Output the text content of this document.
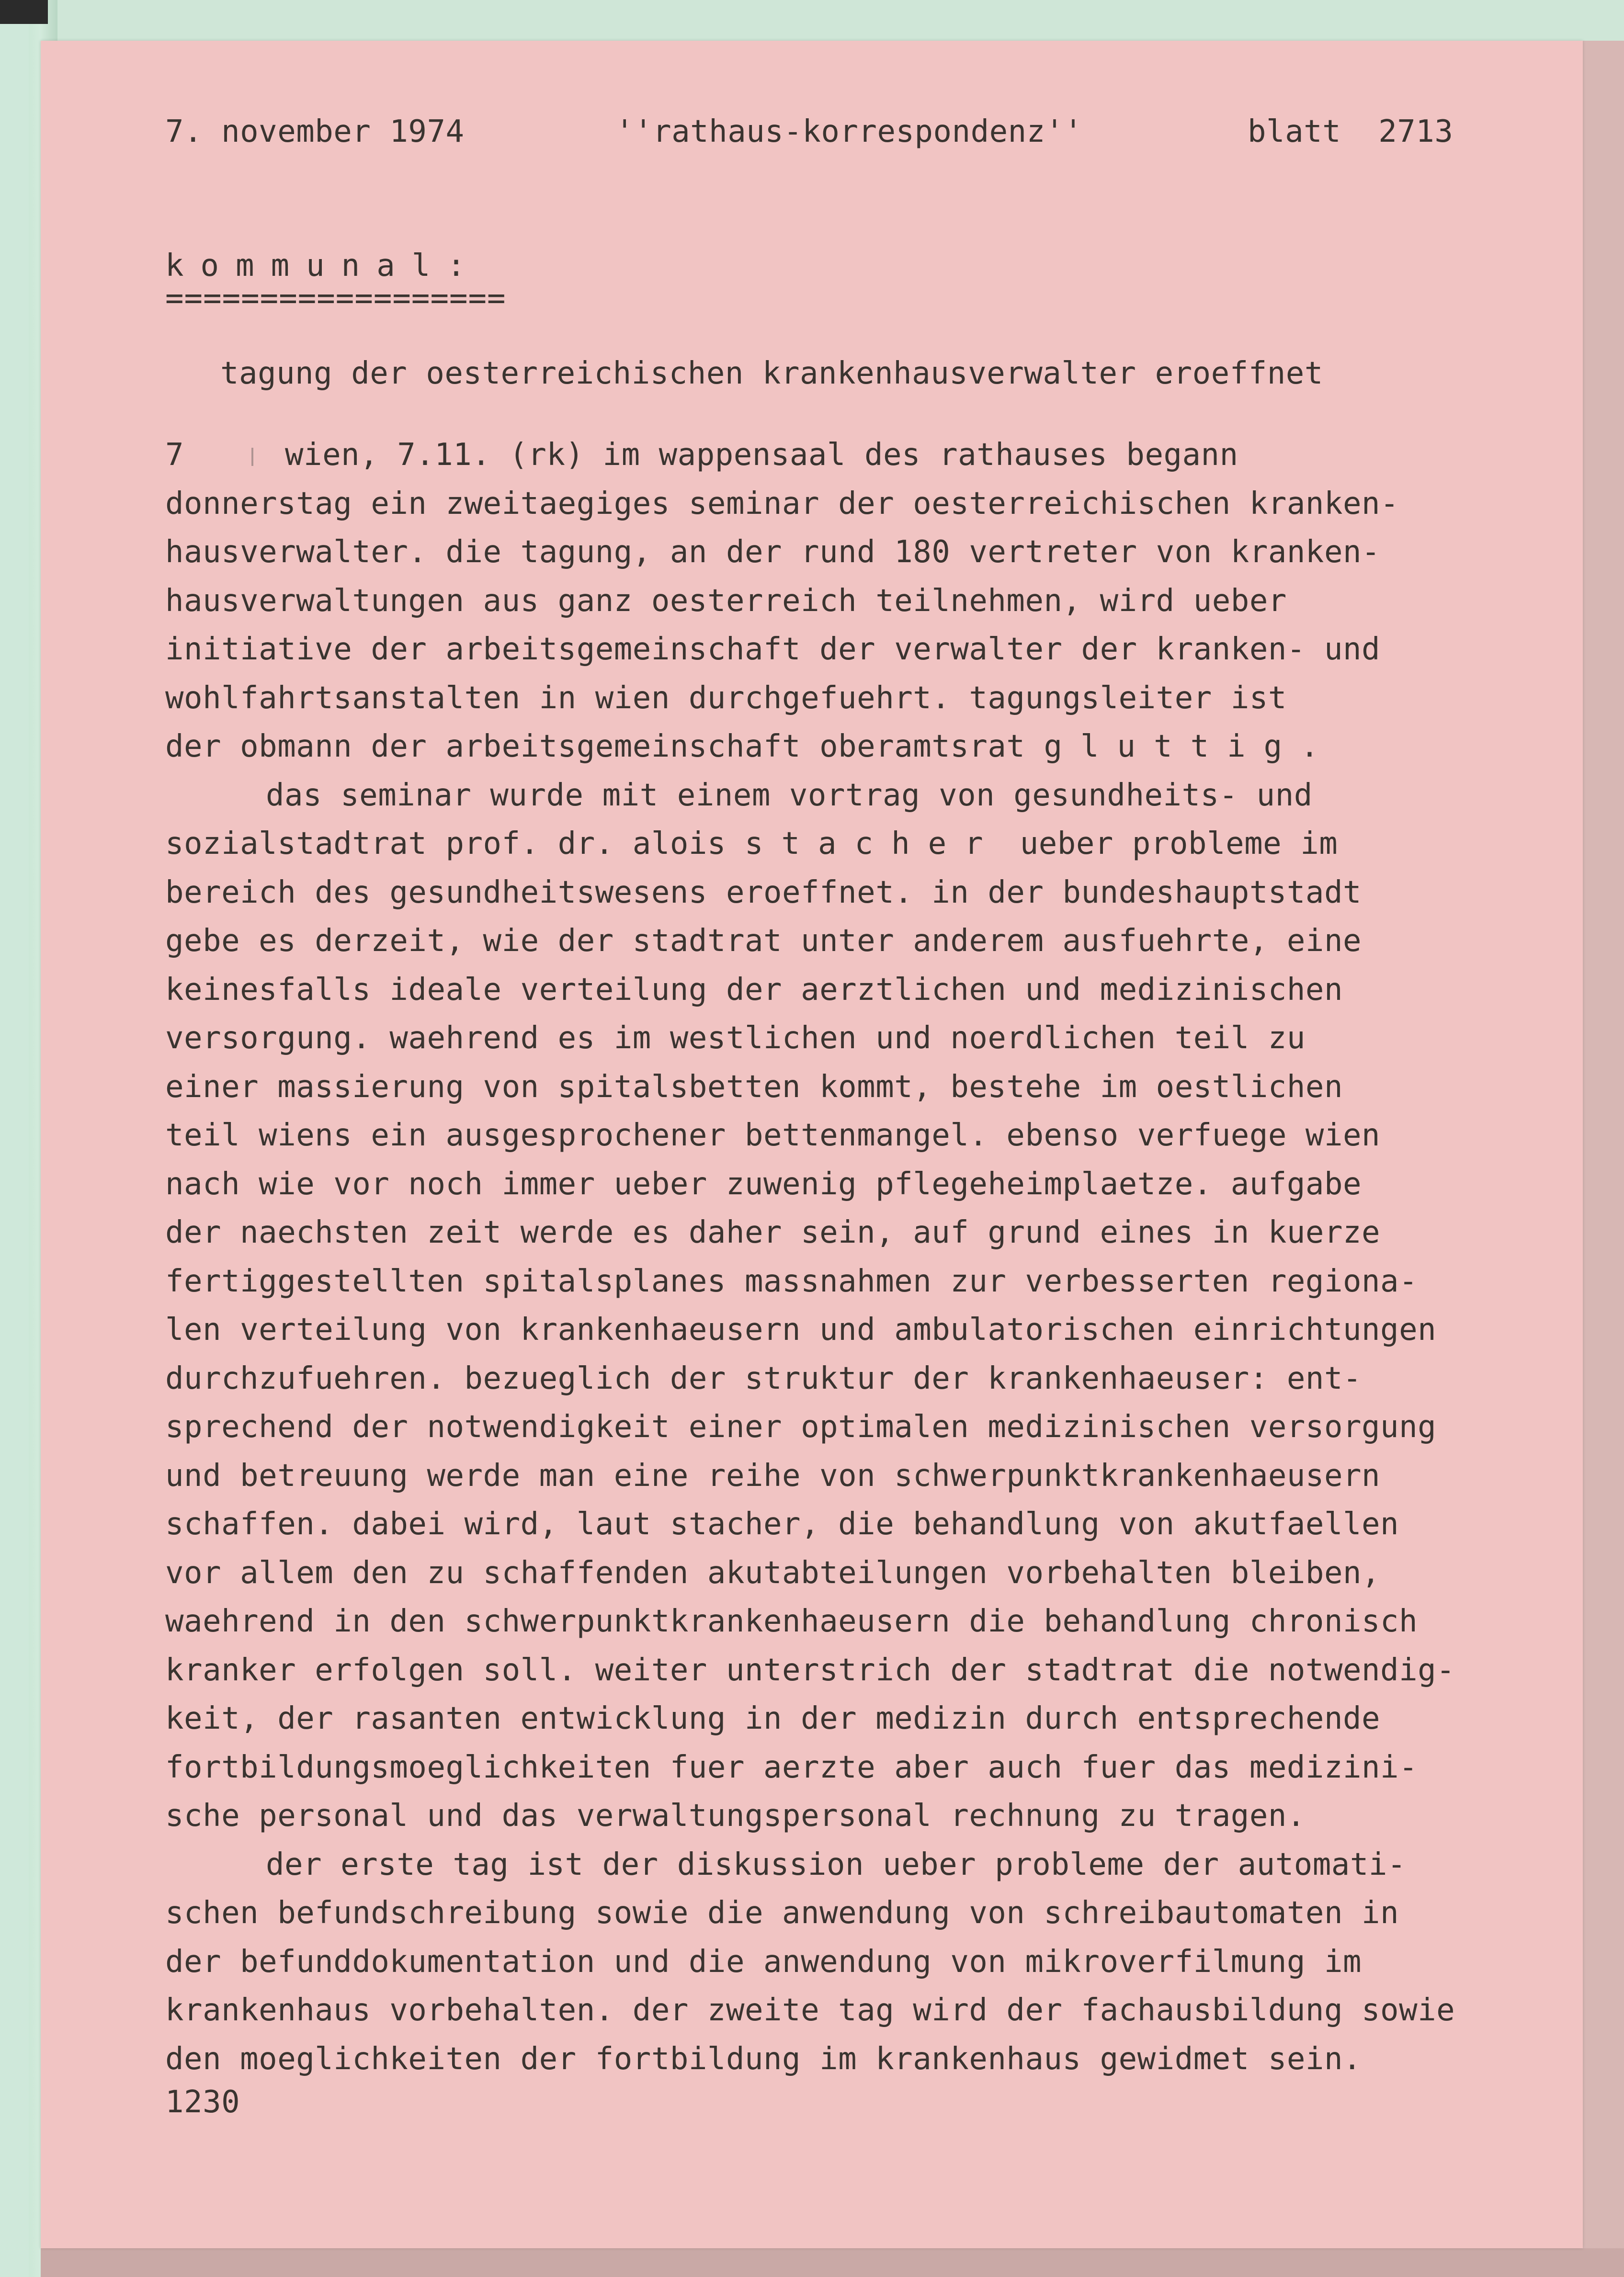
7. november 1974	''rathaus-korrespondenz''	blatt  2713
kommunal:
==================
tagung der oesterreichischen krankenhausverwalter eroeffnet
7	wien, 7.11. (rk) im wappensaal des rathauses begann
donnerstag ein zweitaegiges seminar der oesterreichischen kranken-
hausverwalter. die tagung, an der rund 180 vertreter von kranken-
hausverwaltungen aus ganz oesterreich teilnehmen, wird ueber
initiative der arbeitsgemeinschaft der verwalter der kranken- und
wohlfahrtsanstalten in wien durchgefuehrt. tagungsleiter ist
der obmann der arbeitsgemeinschaft oberamtsrat gluttig.
das seminar wurde mit einem vortrag von gesundheits- und
sozialstadtrat prof. dr. alois stacher ueber probleme im
bereich des gesundheitswesens eroeffnet. in der bundeshauptstadt
gebe es derzeit, wie der stadtrat unter anderem ausfuehrte, eine
keinesfalls ideale verteilung der aerztlichen und medizinischen
versorgung. waehrend es im westlichen und noerdlichen teil zu
einer massierung von spitalsbetten kommt, bestehe im oestlichen
teil wiens ein ausgesprochener bettenmangel. ebenso verfuege wien
nach wie vor noch immer ueber zuwenig pflegeheimplaetze. aufgabe
der naechsten zeit werde es daher sein, auf grund eines in kuerze
fertiggestellten spitalsplanes massnahmen zur verbesserten regiona-
len verteilung von krankenhaeusern und ambulatorischen einrichtungen
durchzufuehren. bezueglich der struktur der krankenhaeuser: ent-
sprechend der notwendigkeit einer optimalen medizinischen versorgung
und betreuung werde man eine reihe von schwerpunktkrankenhaeusern
schaffen. dabei wird, laut stacher, die behandlung von akutfaellen
vor allem den zu schaffenden akutabteilungen vorbehalten bleiben,
waehrend in den schwerpunktkrankenhaeusern die behandlung chronisch
kranker erfolgen soll. weiter unterstrich der stadtrat die notwendig-
keit, der rasanten entwicklung in der medizin durch entsprechende
fortbildungsmoeglichkeiten fuer aerzte aber auch fuer das medizini-
sche personal und das verwaltungspersonal rechnung zu tragen.
der erste tag ist der diskussion ueber probleme der automati-
schen befundschreibung sowie die anwendung von schreibautomaten in
der befunddokumentation und die anwendung von mikroverfilmung im
krankenhaus vorbehalten. der zweite tag wird der fachausbildung sowie
den moeglichkeiten der fortbildung im krankenhaus gewidmet sein.
1230
